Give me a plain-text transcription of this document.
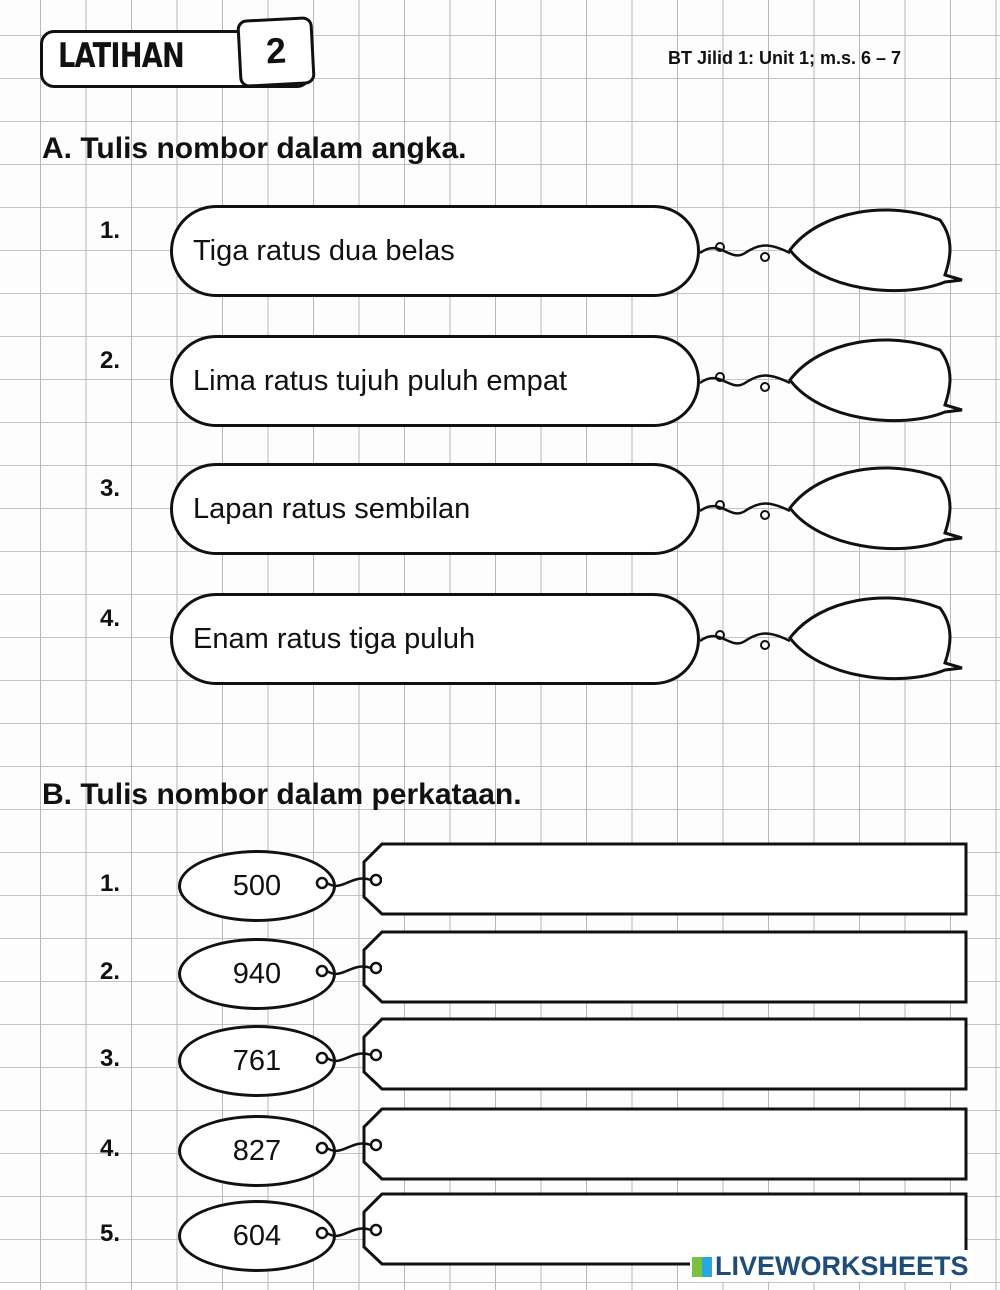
LATIHAN	2	BT Jilid 1: Unit 1; m.s. 6 – 7
A. Tulis nombor dalam angka.
1.
Tiga ratus dua belas
2.
Lima ratus tujuh puluh empat
3.
Lapan ratus sembilan
4.
Enam ratus tiga puluh
B. Tulis nombor dalam perkataan.
1.	500
2.	940
3.	761
4.	827
5.	604
LIVEWORKSHEETS
